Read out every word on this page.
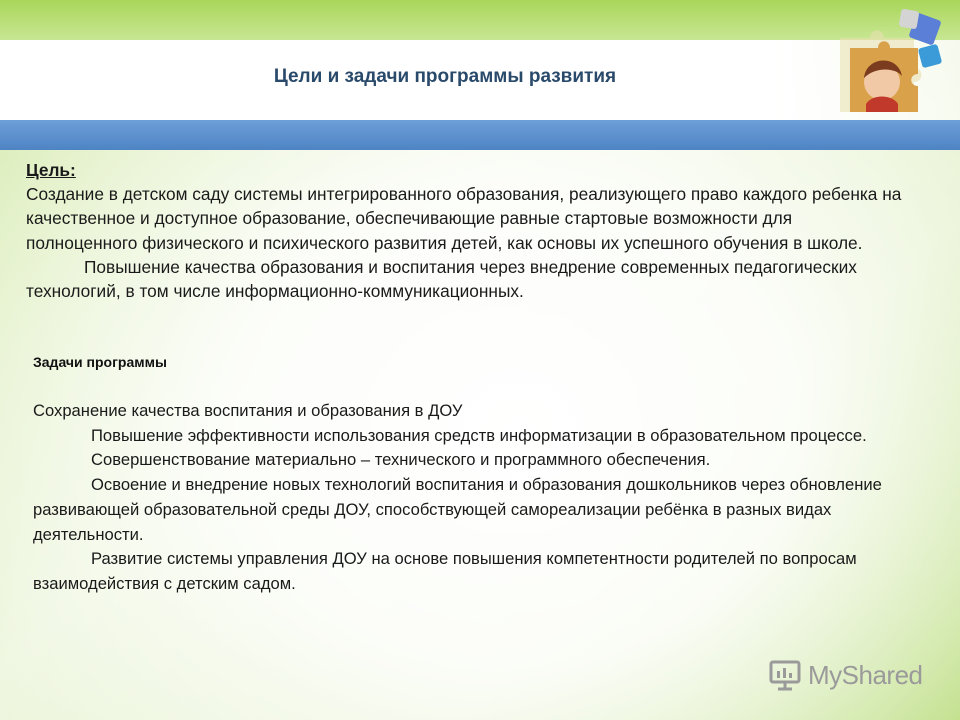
Цели и задачи программы развития
Цель:
Создание в детском саду системы интегрированного образования, реализующего право каждого ребенка на качественное и доступное образование, обеспечивающие равные стартовые возможности для полноценного физического и психического развития детей, как основы их успешного обучения в школе.
Повышение качества образования и воспитания через внедрение современных педагогических технологий, в том числе информационно-коммуникационных.
Задачи программы
Сохранение качества воспитания и образования в ДОУ
Повышение эффективности использования средств информатизации в образовательном процессе.
Совершенствование материально – технического и программного обеспечения.
Освоение и внедрение новых технологий воспитания и образования дошкольников через обновление развивающей образовательной среды ДОУ, способствующей самореализации ребёнка в разных видах деятельности.
Развитие системы управления ДОУ на основе повышения компетентности родителей по вопросам взаимодействия с детским садом.
MyShared
